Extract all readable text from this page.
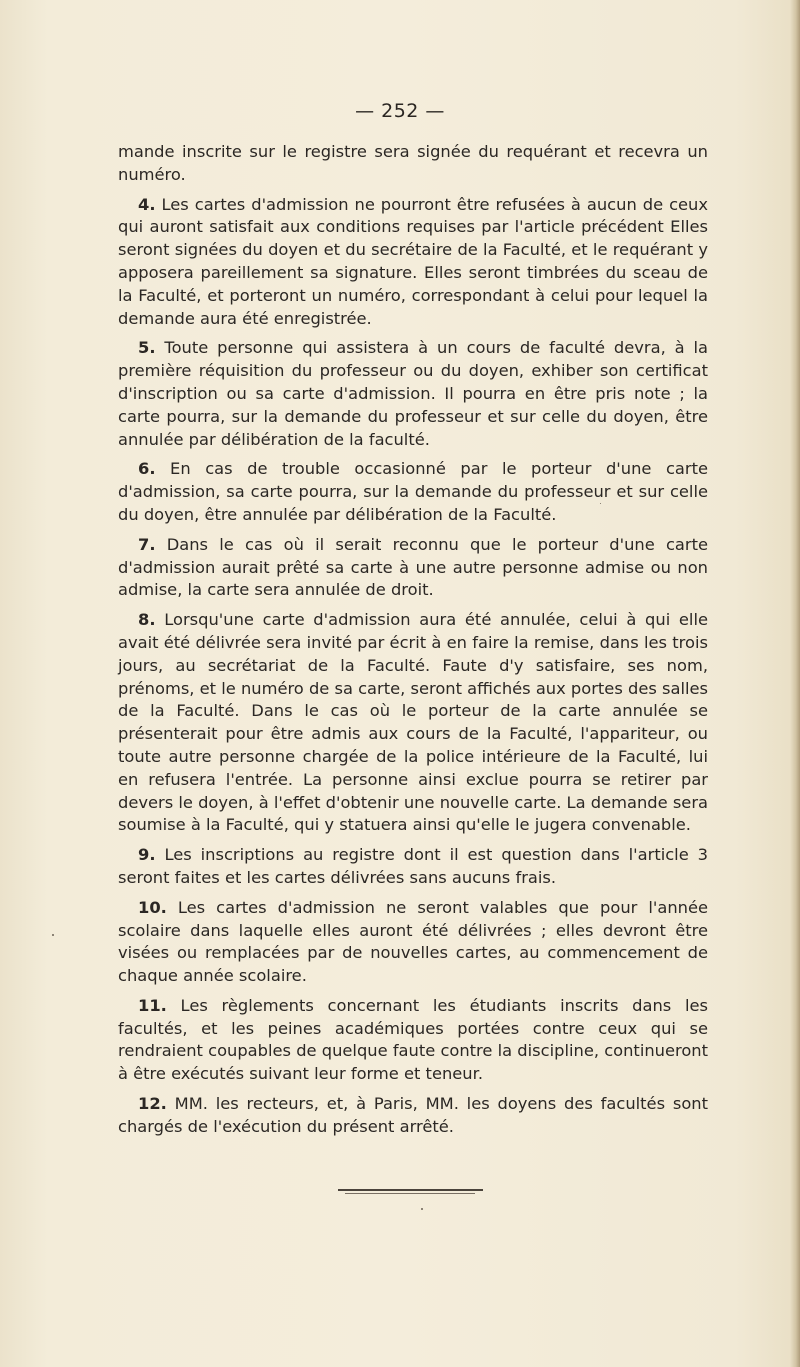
— 252 —

mande inscrite sur le registre sera signée du requérant et recevra un numéro.

4. Les cartes d'admission ne pourront être refusées à aucun de ceux qui auront satisfait aux conditions requises par l'article précédent Elles seront signées du doyen et du secrétaire de la Faculté, et le requérant y apposera pareillement sa signature. Elles seront timbrées du sceau de la Faculté, et porteront un numéro, correspondant à celui pour lequel la demande aura été enregistrée.

5. Toute personne qui assistera à un cours de faculté devra, à la première réquisition du professeur ou du doyen, exhiber son certificat d'inscription ou sa carte d'admission. Il pourra en être pris note ; la carte pourra, sur la demande du professeur et sur celle du doyen, être annulée par délibération de la faculté.

6. En cas de trouble occasionné par le porteur d'une carte d'admission, sa carte pourra, sur la demande du professeur et sur celle du doyen, être annulée par délibération de la Faculté.

7. Dans le cas où il serait reconnu que le porteur d'une carte d'admission aurait prêté sa carte à une autre personne admise ou non admise, la carte sera annulée de droit.

8. Lorsqu'une carte d'admission aura été annulée, celui à qui elle avait été délivrée sera invité par écrit à en faire la remise, dans les trois jours, au secrétariat de la Faculté. Faute d'y satisfaire, ses nom, prénoms, et le numéro de sa carte, seront affichés aux portes des salles de la Faculté. Dans le cas où le porteur de la carte annulée se présenterait pour être admis aux cours de la Faculté, l'appariteur, ou toute autre personne chargée de la police intérieure de la Faculté, lui en refusera l'entrée. La personne ainsi exclue pourra se retirer par devers le doyen, à l'effet d'obtenir une nouvelle carte. La demande sera soumise à la Faculté, qui y statuera ainsi qu'elle le jugera convenable.

9. Les inscriptions au registre dont il est question dans l'article 3 seront faites et les cartes délivrées sans aucuns frais.

10. Les cartes d'admission ne seront valables que pour l'année scolaire dans laquelle elles auront été délivrées ; elles devront être visées ou remplacées par de nouvelles cartes, au commencement de chaque année scolaire.

11. Les règlements concernant les étudiants inscrits dans les facultés, et les peines académiques portées contre ceux qui se rendraient coupables de quelque faute contre la discipline, continueront à être exécutés suivant leur forme et teneur.

12. MM. les recteurs, et, à Paris, MM. les doyens des facultés sont chargés de l'exécution du présent arrêté.
